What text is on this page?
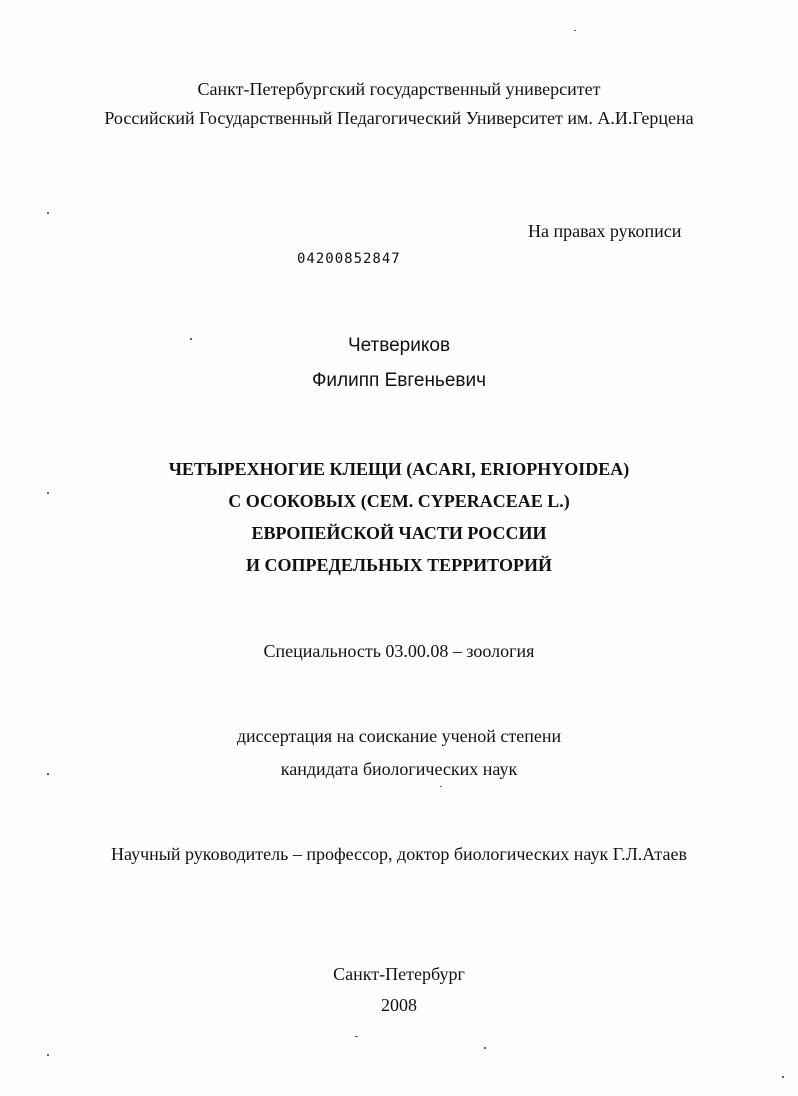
Санкт-Петербургский государственный университет
Российский Государственный Педагогический Университет им. А.И.Герцена
На правах рукописи
04200852847
Четвериков
Филипп Евгеньевич
ЧЕТЫРЕХНОГИЕ КЛЕЩИ (ACARI, ERIOPHYOIDEA)
С ОСОКОВЫХ (СЕМ. CYPERACEAE L.)
ЕВРОПЕЙСКОЙ ЧАСТИ РОССИИ
И СОПРЕДЕЛЬНЫХ ТЕРРИТОРИЙ
Специальность 03.00.08 – зоология
диссертация на соискание ученой степени
кандидата биологических наук
Научный руководитель – профессор, доктор биологических наук Г.Л.Атаев
Санкт-Петербург
2008
